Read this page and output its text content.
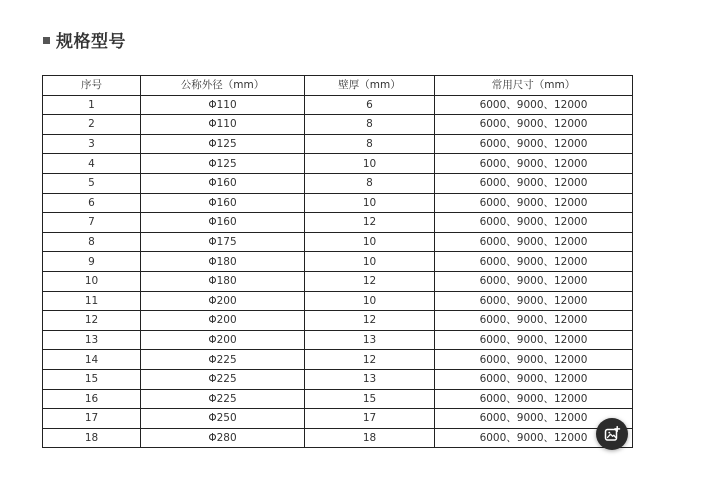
规格型号
序号	公称外径（mm）	壁厚（mm）	常用尺寸（mm）
1	Φ110	6	6000、9000、12000
2	Φ110	8	6000、9000、12000
3	Φ125	8	6000、9000、12000
4	Φ125	10	6000、9000、12000
5	Φ160	8	6000、9000、12000
6	Φ160	10	6000、9000、12000
7	Φ160	12	6000、9000、12000
8	Φ175	10	6000、9000、12000
9	Φ180	10	6000、9000、12000
10	Φ180	12	6000、9000、12000
11	Φ200	10	6000、9000、12000
12	Φ200	12	6000、9000、12000
13	Φ200	13	6000、9000、12000
14	Φ225	12	6000、9000、12000
15	Φ225	13	6000、9000、12000
16	Φ225	15	6000、9000、12000
17	Φ250	17	6000、9000、12000
18	Φ280	18	6000、9000、12000
